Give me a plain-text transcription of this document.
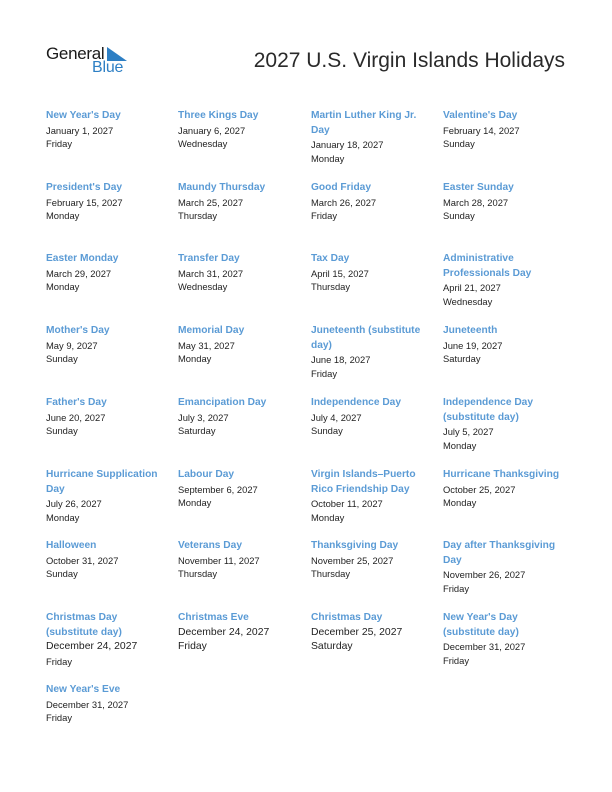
General
Blue	2027 U.S. Virgin Islands Holidays
New Year's Day
January 1, 2027
Friday
Three Kings Day
January 6, 2027
Wednesday
Martin Luther King Jr. Day
January 18, 2027
Monday
Valentine's Day
February 14, 2027
Sunday
President's Day
February 15, 2027
Monday
Maundy Thursday
March 25, 2027
Thursday
Good Friday
March 26, 2027
Friday
Easter Sunday
March 28, 2027
Sunday
Easter Monday
March 29, 2027
Monday
Transfer Day
March 31, 2027
Wednesday
Tax Day
April 15, 2027
Thursday
Administrative Professionals Day
April 21, 2027
Wednesday
Mother's Day
May 9, 2027
Sunday
Memorial Day
May 31, 2027
Monday
Juneteenth (substitute day)
June 18, 2027
Friday
Juneteenth
June 19, 2027
Saturday
Father's Day
June 20, 2027
Sunday
Emancipation Day
July 3, 2027
Saturday
Independence Day
July 4, 2027
Sunday
Independence Day (substitute day)
July 5, 2027
Monday
Hurricane Supplication Day
July 26, 2027
Monday
Labour Day
September 6, 2027
Monday
Virgin Islands–Puerto Rico Friendship Day
October 11, 2027
Monday
Hurricane Thanksgiving
October 25, 2027
Monday
Halloween
October 31, 2027
Sunday
Veterans Day
November 11, 2027
Thursday
Thanksgiving Day
November 25, 2027
Thursday
Day after Thanksgiving Day
November 26, 2027
Friday
Christmas Day (substitute day)
December 24, 2027
Friday
Christmas Eve
December 24, 2027
Friday
Christmas Day
December 25, 2027
Saturday
New Year's Day (substitute day)
December 31, 2027
Friday
New Year's Eve
December 31, 2027
Friday
